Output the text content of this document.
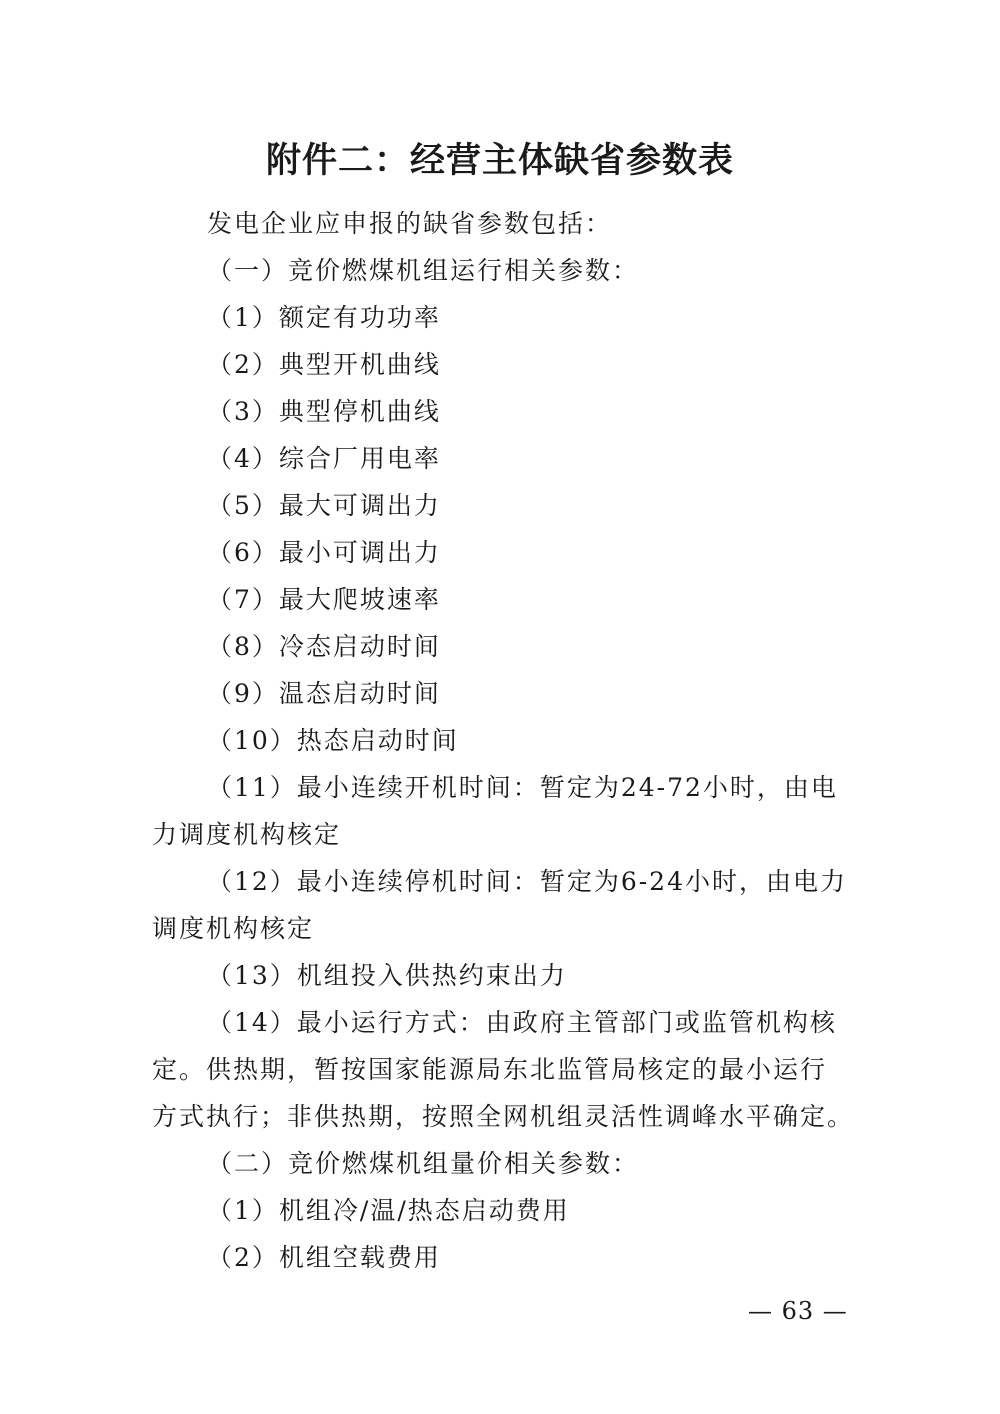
附件二：经营主体缺省参数表
发电企业应申报的缺省参数包括：
（一）竞价燃煤机组运行相关参数：
（1）额定有功功率
（2）典型开机曲线
（3）典型停机曲线
（4）综合厂用电率
（5）最大可调出力
（6）最小可调出力
（7）最大爬坡速率
（8）冷态启动时间
（9）温态启动时间
（10）热态启动时间
（11）最小连续开机时间：暂定为24-72小时，由电
力调度机构核定
（12）最小连续停机时间：暂定为6-24小时，由电力
调度机构核定
（13）机组投入供热约束出力
（14）最小运行方式：由政府主管部门或监管机构核
定。供热期，暂按国家能源局东北监管局核定的最小运行
方式执行；非供热期，按照全网机组灵活性调峰水平确定。
（二）竞价燃煤机组量价相关参数：
（1）机组冷/温/热态启动费用
（2）机组空载费用
— 63 —
